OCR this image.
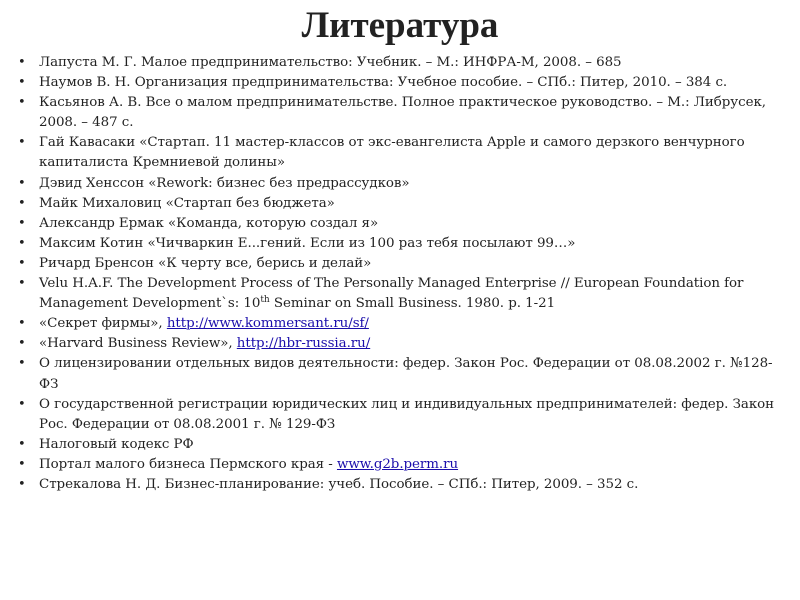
Литература
• Лапуста М. Г. Малое предпринимательство: Учебник. – М.: ИНФРА-М, 2008. – 685
• Наумов В. Н. Организация предпринимательства: Учебное пособие. – СПб.: Питер, 2010. – 384 с.
• Касьянов А. В. Все о малом предпринимательстве. Полное практическое руководство. – М.: Либрусек, 2008. – 487 с.
• Гай Кавасаки «Стартап. 11 мастер-классов от экс-евангелиста Apple и самого дерзкого венчурного капиталиста Кремниевой долины»
• Дэвид Хенссон «Rework: бизнес без предрассудков»
• Майк Михаловиц «Стартап без бюджета»
• Александр Ермак «Команда, которую создал я»
• Максим Котин «Чичваркин Е...гений. Если из 100 раз тебя посылают 99…»
• Ричард Бренсон «К черту все, берись и делай»
• Velu H.A.F. The Development Process of The Personally Managed Enterprise // European Foundation for Management Development`s: 10th Seminar on Small Business. 1980. р. 1-21
• «Секрет фирмы», http://www.kommersant.ru/sf/
• «Harvard Business Review», http://hbr-russia.ru/
• О лицензировании отдельных видов деятельности: федер. Закон Рос. Федерации от 08.08.2002 г. №128-ФЗ
• О государственной регистрации юридических лиц и индивидуальных предпринимателей: федер. Закон Рос. Федерации от 08.08.2001 г. № 129-ФЗ
• Налоговый кодекс РФ
• Портал малого бизнеса Пермского края - www.g2b.perm.ru
• Стрекалова Н. Д. Бизнес-планирование: учеб. Пособие. – СПб.: Питер, 2009. – 352 с.
